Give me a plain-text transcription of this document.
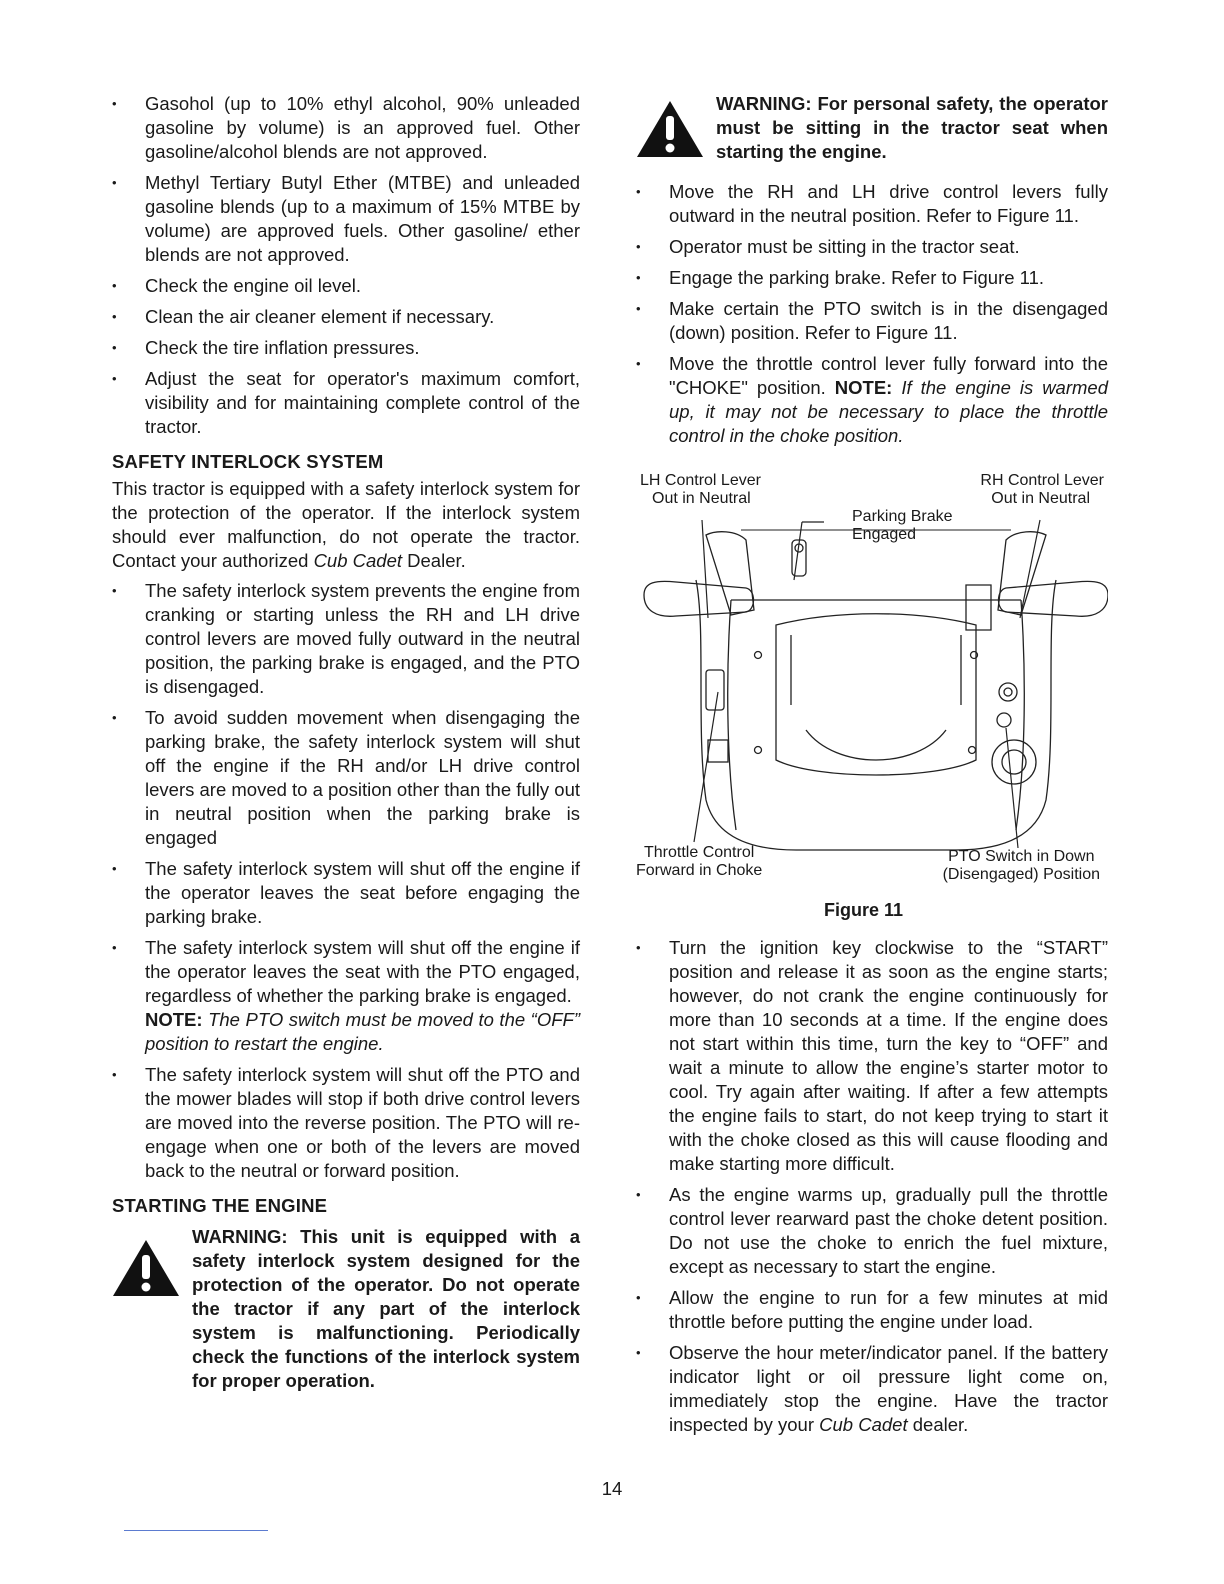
• Gasohol (up to 10% ethyl alcohol, 90% unleaded gasoline by volume) is an approved fuel. Other gasoline/alcohol blends are not approved.
• Methyl Tertiary Butyl Ether (MTBE) and unleaded gasoline blends (up to a maximum of 15% MTBE by volume) are approved fuels. Other gasoline/ ether blends are not approved.
• Check the engine oil level.
• Clean the air cleaner element if necessary.
• Check the tire inflation pressures.
• Adjust the seat for operator's maximum comfort, visibility and for maintaining complete control of the tractor.
SAFETY INTERLOCK SYSTEM

This tractor is equipped with a safety interlock system for the protection of the operator. If the interlock system should ever malfunction, do not operate the tractor. Contact your authorized Cub Cadet Dealer.

• The safety interlock system prevents the engine from cranking or starting unless the RH and LH drive control levers are moved fully outward in the neutral position, the parking brake is engaged, and the PTO is disengaged.
• To avoid sudden movement when disengaging the parking brake, the safety interlock system will shut off the engine if the RH and/or LH drive control levers are moved to a position other than the fully out in neutral position when the parking brake is engaged
• The safety interlock system will shut off the engine if the operator leaves the seat before engaging the parking brake.
• The safety interlock system will shut off the engine if the operator leaves the seat with the PTO engaged, regardless of whether the parking brake is engaged.
NOTE: The PTO switch must be moved to the “OFF” position to restart the engine.
• The safety interlock system will shut off the PTO and the mower blades will stop if both drive control levers are moved into the reverse position. The PTO will re-engage when one or both of the levers are moved back to the neutral or forward position.
STARTING THE ENGINE
WARNING: This unit is equipped with a safety interlock system designed for the protection of the operator. Do not operate the tractor if any part of the interlock system is malfunctioning. Periodically check the functions of the interlock system for proper operation.
WARNING: For personal safety, the operator must be sitting in the tractor seat when starting the engine.
• Move the RH and LH drive control levers fully outward in the neutral position. Refer to Figure 11.
• Operator must be sitting in the tractor seat.
• Engage the parking brake. Refer to Figure 11.
• Make certain the PTO switch is in the disengaged (down) position. Refer to Figure 11.
• Move the throttle control lever fully forward into the "CHOKE" position. NOTE: If the engine is warmed up, it may not be necessary to place the throttle control in the choke position.
LH Control Lever
Out in Neutral
RH Control Lever
Out in Neutral
Parking Brake
Engaged
Throttle Control
Forward in Choke
PTO Switch in Down
(Disengaged) Position
Figure 11
• Turn the ignition key clockwise to the “START” position and release it as soon as the engine starts; however, do not crank the engine continuously for more than 10 seconds at a time. If the engine does not start within this time, turn the key to “OFF” and wait a minute to allow the engine’s starter motor to cool. Try again after waiting. If after a few attempts the engine fails to start, do not keep trying to start it with the choke closed as this will cause flooding and make starting more difficult.
• As the engine warms up, gradually pull the throttle control lever rearward past the choke detent position. Do not use the choke to enrich the fuel mixture, except as necessary to start the engine.
• Allow the engine to run for a few minutes at mid throttle before putting the engine under load.
• Observe the hour meter/indicator panel. If the battery indicator light or oil pressure light come on, immediately stop the engine. Have the tractor inspected by your Cub Cadet dealer.
14
